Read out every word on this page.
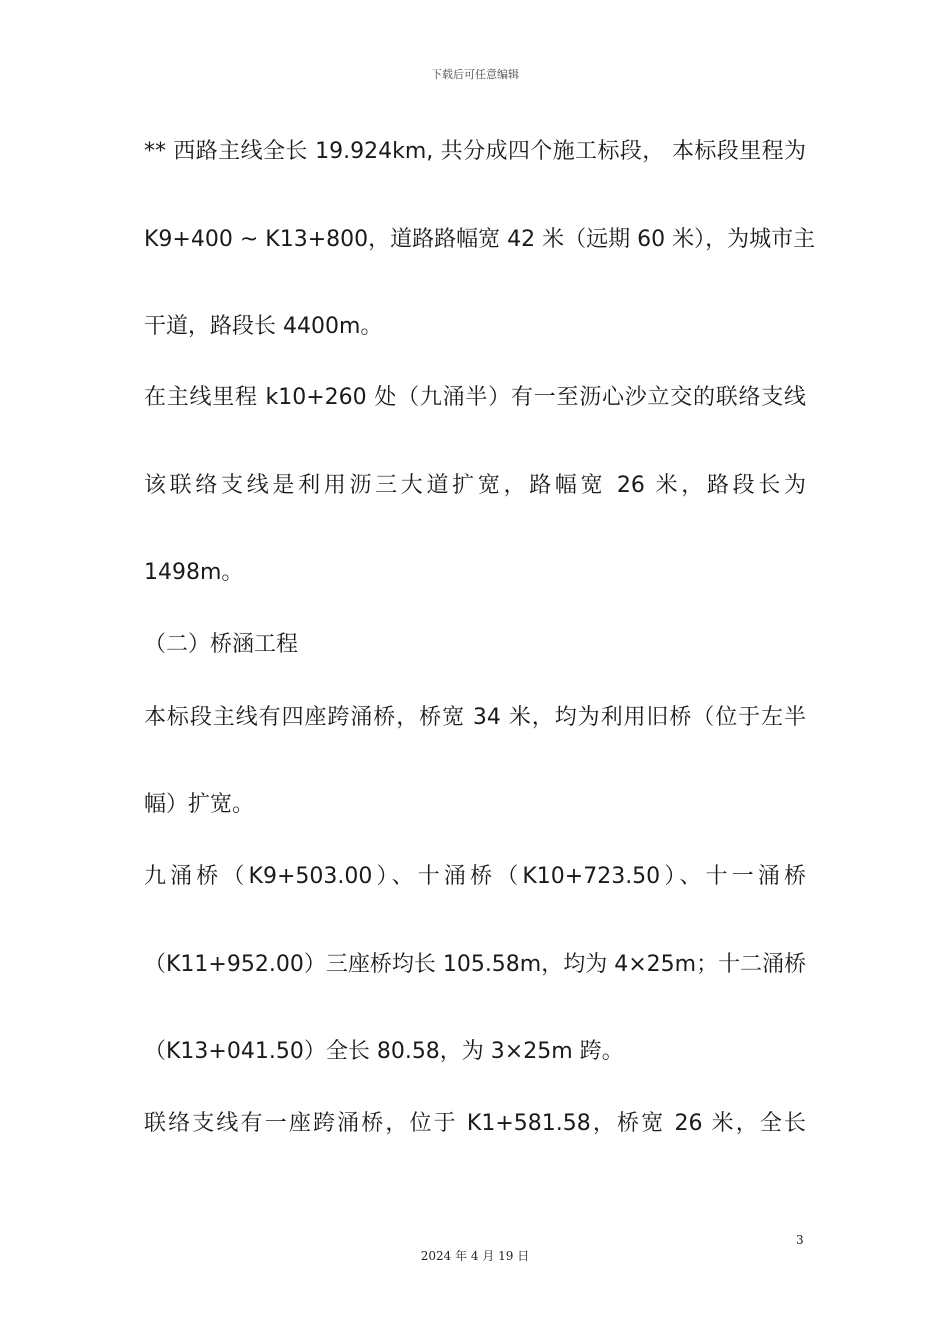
下载后可任意编辑
** 西路主线全长 19.924km, 共分成四个施工标段， 本标段里程为
K9+400 ~ K13+800，道路路幅宽 42 米（远期 60 米），为城市主
干道，路段长 4400m。
在主线里程 k10+260 处（九涌半）有一至沥心沙立交的联络支线
该联络支线是利用沥三大道扩宽，路幅宽 26 米，路段长为
1498m。
（二）桥涵工程
本标段主线有四座跨涌桥，桥宽 34 米，均为利用旧桥（位于左半
幅）扩宽。
九涌桥（K9+503.00）、十涌桥（K10+723.50）、十一涌桥
（K11+952.00）三座桥均长 105.58m，均为 4×25m；十二涌桥
（K13+041.50）全长 80.58，为 3×25m 跨。
联络支线有一座跨涌桥，位于 K1+581.58，桥宽 26 米，全长
3
2024 年 4 月 19 日
